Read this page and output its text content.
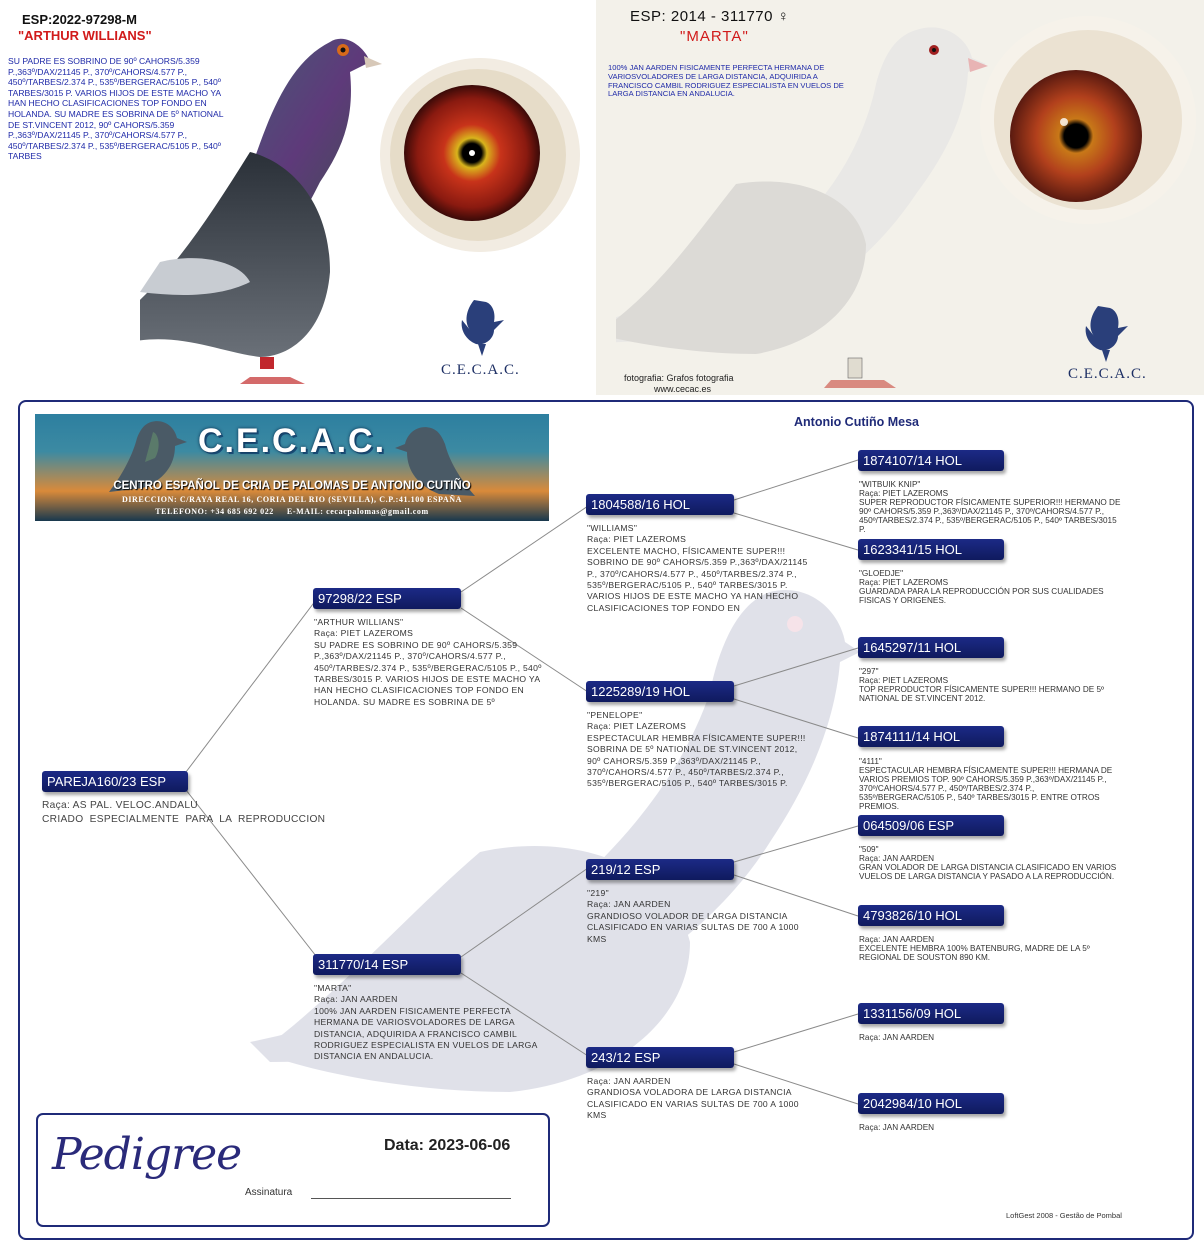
ESP:2022-97298-M
"ARTHUR WILLIANS"
SU PADRE ES SOBRINO DE 90º CAHORS/5.359 P.,363º/DAX/21145 P., 370º/CAHORS/4.577 P., 450º/TARBES/2.374 P., 535º/BERGERAC/5105 P., 540º TARBES/3015 P. VARIOS HIJOS DE ESTE MACHO YA HAN HECHO CLASIFICACIONES TOP FONDO EN HOLANDA. SU MADRE ES SOBRINA DE 5º NATIONAL DE ST.VINCENT 2012, 90º CAHORS/5.359 P.,363º/DAX/21145 P., 370º/CAHORS/4.577 P., 450º/TARBES/2.374 P., 535º/BERGERAC/5105 P., 540º TARBES
C.E.C.A.C.
ESP: 2014 - 311770 ♀
"MARTA"
100% JAN AARDEN FISICAMENTE PERFECTA HERMANA DE VARIOSVOLADORES DE LARGA DISTANCIA, ADQUIRIDA A FRANCISCO CAMBIL RODRIGUEZ ESPECIALISTA EN VUELOS DE LARGA DISTANCIA EN ANDALUCIA.
C.E.C.A.C.
fotografia: Grafos fotografia
www.cecac.es
C.E.C.A.C.
CENTRO ESPAÑOL DE CRIA DE PALOMAS DE ANTONIO CUTIÑO
DIRECCION: C/RAYA REAL 16, CORIA DEL RIO (SEVILLA), C.P.:41.100 ESPAÑA
TELEFONO: +34 685 692 022     E-MAIL: cecacpalomas@gmail.com
Antonio Cutiño Mesa
PAREJA160/23 ESP
Raça: AS PAL. VELOC.ANDALU
CRIADO  ESPECIALMENTE  PARA  LA  REPRODUCCION
97298/22 ESP
"ARTHUR WILLIANS"
Raça: PIET LAZEROMS
SU PADRE ES SOBRINO DE 90º CAHORS/5.359 P.,363º/DAX/21145 P., 370º/CAHORS/4.577 P., 450º/TARBES/2.374 P., 535º/BERGERAC/5105 P., 540º TARBES/3015 P. VARIOS HIJOS DE ESTE MACHO YA HAN HECHO CLASIFICACIONES TOP FONDO EN HOLANDA. SU MADRE ES SOBRINA DE 5º
311770/14 ESP
"MARTA"
Raça: JAN AARDEN
100% JAN AARDEN FISICAMENTE PERFECTA HERMANA DE VARIOSVOLADORES DE LARGA DISTANCIA, ADQUIRIDA A FRANCISCO CAMBIL RODRIGUEZ ESPECIALISTA EN VUELOS DE LARGA DISTANCIA EN ANDALUCIA.
1804588/16 HOL
"WILLIAMS"
Raça: PIET LAZEROMS
EXCELENTE MACHO, FÍSICAMENTE SUPER!!! SOBRINO DE 90º CAHORS/5.359 P.,363º/DAX/21145 P., 370º/CAHORS/4.577 P., 450º/TARBES/2.374 P., 535º/BERGERAC/5105 P., 540º TARBES/3015 P. VARIOS HIJOS DE ESTE MACHO YA HAN HECHO CLASIFICACIONES TOP FONDO EN
1225289/19 HOL
"PENELOPE"
Raça: PIET LAZEROMS
ESPECTACULAR HEMBRA FÍSICAMENTE SUPER!!! SOBRINA DE 5º NATIONAL DE ST.VINCENT 2012, 90º CAHORS/5.359 P.,363º/DAX/21145 P., 370º/CAHORS/4.577 P., 450º/TARBES/2.374 P., 535º/BERGERAC/5105 P., 540º TARBES/3015 P.
219/12 ESP
"219"
Raça: JAN AARDEN
GRANDIOSO VOLADOR DE LARGA DISTANCIA CLASIFICADO EN VARIAS SULTAS DE 700 A 1000 KMS
243/12 ESP
Raça: JAN AARDEN
GRANDIOSA VOLADORA DE LARGA DISTANCIA CLASIFICADO EN VARIAS SULTAS DE 700 A 1000 KMS
1874107/14 HOL
"WITBUIK KNIP"
Raça: PIET LAZEROMS
SUPER REPRODUCTOR FÍSICAMENTE SUPERIOR!!! HERMANO DE 90º CAHORS/5.359 P.,363º/DAX/21145 P., 370º/CAHORS/4.577 P., 450º/TARBES/2.374 P., 535º/BERGERAC/5105 P., 540º TARBES/3015 P.
1623341/15 HOL
"GLOEDJE"
Raça: PIET LAZEROMS
GUARDADA PARA LA REPRODUCCIÓN POR SUS CUALIDADES FISICAS Y ORIGENES.
1645297/11 HOL
"297"
Raça: PIET LAZEROMS
TOP REPRODUCTOR FÍSICAMENTE SUPER!!! HERMANO DE 5º NATIONAL DE ST.VINCENT 2012.
1874111/14 HOL
"4111"
ESPECTACULAR HEMBRA FÍSICAMENTE SUPER!!! HERMANA DE VARIOS PREMIOS TOP. 90º CAHORS/5.359 P.,363º/DAX/21145 P., 370º/CAHORS/4.577 P., 450º/TARBES/2.374 P., 535º/BERGERAC/5105 P., 540º TARBES/3015 P. ENTRE OTROS PREMIOS.
064509/06 ESP
"509"
Raça: JAN AARDEN
GRAN VOLADOR DE LARGA DISTANCIA CLASIFICADO EN VARIOS VUELOS DE LARGA DISTANCIA Y PASADO A LA REPRODUCCIÓN.
4793826/10 HOL
Raça: JAN AARDEN
EXCELENTE HEMBRA 100% BATENBURG, MADRE DE LA 5º REGIONAL DE SOUSTON 890 KM.
1331156/09 HOL
Raça: JAN AARDEN
2042984/10 HOL
Raça: JAN AARDEN
Pedigree	Data: 2023-06-06
Assinatura
LoftGest 2008 - Gestão de Pombal
